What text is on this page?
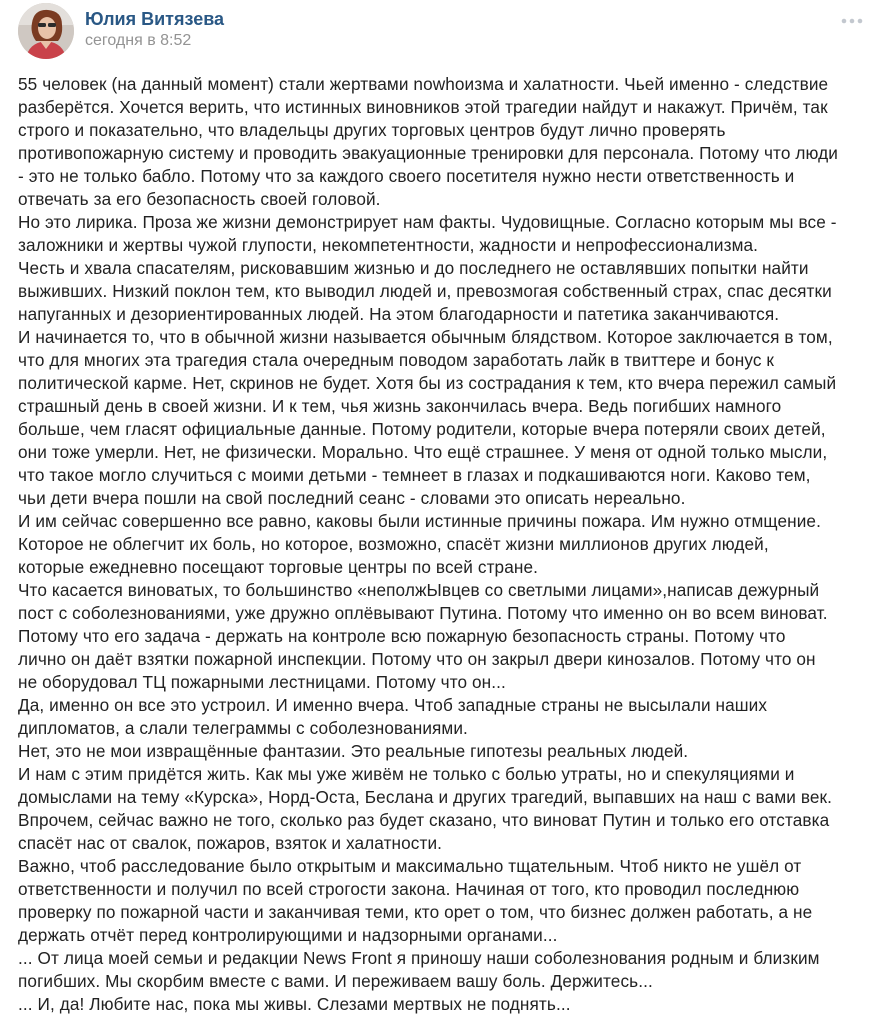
Юлия Витязева
сегодня в 8:52
55 человек (на данный момент) стали жертвами nowhoизма и халатности. Чьей именно - следствие
разберётся. Хочется верить, что истинных виновников этой трагедии найдут и накажут. Причём, так
строго и показательно, что владельцы других торговых центров будут лично проверять
противопожарную систему и проводить эвакуационные тренировки для персонала. Потому что люди
- это не только бабло. Потому что за каждого своего посетителя нужно нести ответственность и
отвечать за его безопасность своей головой.
Но это лирика. Проза же жизни демонстрирует нам факты. Чудовищные. Согласно которым мы все -
заложники и жертвы чужой глупости, некомпетентности, жадности и непрофессионализма.
Честь и хвала спасателям, рисковавшим жизнью и до последнего не оставлявших попытки найти
выживших. Низкий поклон тем, кто выводил людей и, превозмогая собственный страх, спас десятки
напуганных и дезориентированных людей. На этом благодарности и патетика заканчиваются.
И начинается то, что в обычной жизни называется обычным блядством. Которое заключается в том,
что для многих эта трагедия стала очередным поводом заработать лайк в твиттере и бонус к
политической карме. Нет, скринов не будет. Хотя бы из сострадания к тем, кто вчера пережил самый
страшный день в своей жизни. И к тем, чья жизнь закончилась вчера. Ведь погибших намного
больше, чем гласят официальные данные. Потому родители, которые вчера потеряли своих детей,
они тоже умерли. Нет, не физически. Морально. Что ещё страшнее. У меня от одной только мысли,
что такое могло случиться с моими детьми - темнеет в глазах и подкашиваются ноги. Каково тем,
чьи дети вчера пошли на свой последний сеанс - словами это описать нереально.
И им сейчас совершенно все равно, каковы были истинные причины пожара. Им нужно отмщение.
Которое не облегчит их боль, но которое, возможно, спасёт жизни миллионов других людей,
которые ежедневно посещают торговые центры по всей стране.
Что касается виноватых, то большинство «неполжЫвцев со светлыми лицами»,написав дежурный
пост с соболезнованиями, уже дружно оплёвывают Путина. Потому что именно он во всем виноват.
Потому что его задача - держать на контроле всю пожарную безопасность страны. Потому что
лично он даёт взятки пожарной инспекции. Потому что он закрыл двери кинозалов. Потому что он
не оборудовал ТЦ пожарными лестницами. Потому что он...
Да, именно он все это устроил. И именно вчера. Чтоб западные страны не высылали наших
дипломатов, а слали телеграммы с соболезнованиями.
Нет, это не мои извращённые фантазии. Это реальные гипотезы реальных людей.
И нам с этим придётся жить. Как мы уже живём не только с болью утраты, но и спекуляциями и
домыслами на тему «Курска», Норд-Оста, Беслана и других трагедий, выпавших на наш с вами век.
Впрочем, сейчас важно не того, сколько раз будет сказано, что виноват Путин и только его отставка
спасёт нас от свалок, пожаров, взяток и халатности.
Важно, чтоб расследование было открытым и максимально тщательным. Чтоб никто не ушёл от
ответственности и получил по всей строгости закона. Начиная от того, кто проводил последнюю
проверку по пожарной части и заканчивая теми, кто орет о том, что бизнес должен работать, а не
держать отчёт перед контролирующими и надзорными органами...
... От лица моей семьи и редакции News Front я приношу наши соболезнования родным и близким
погибших. Мы скорбим вместе с вами. И переживаем вашу боль. Держитесь...
... И, да! Любите нас, пока мы живы. Слезами мертвых не поднять...
